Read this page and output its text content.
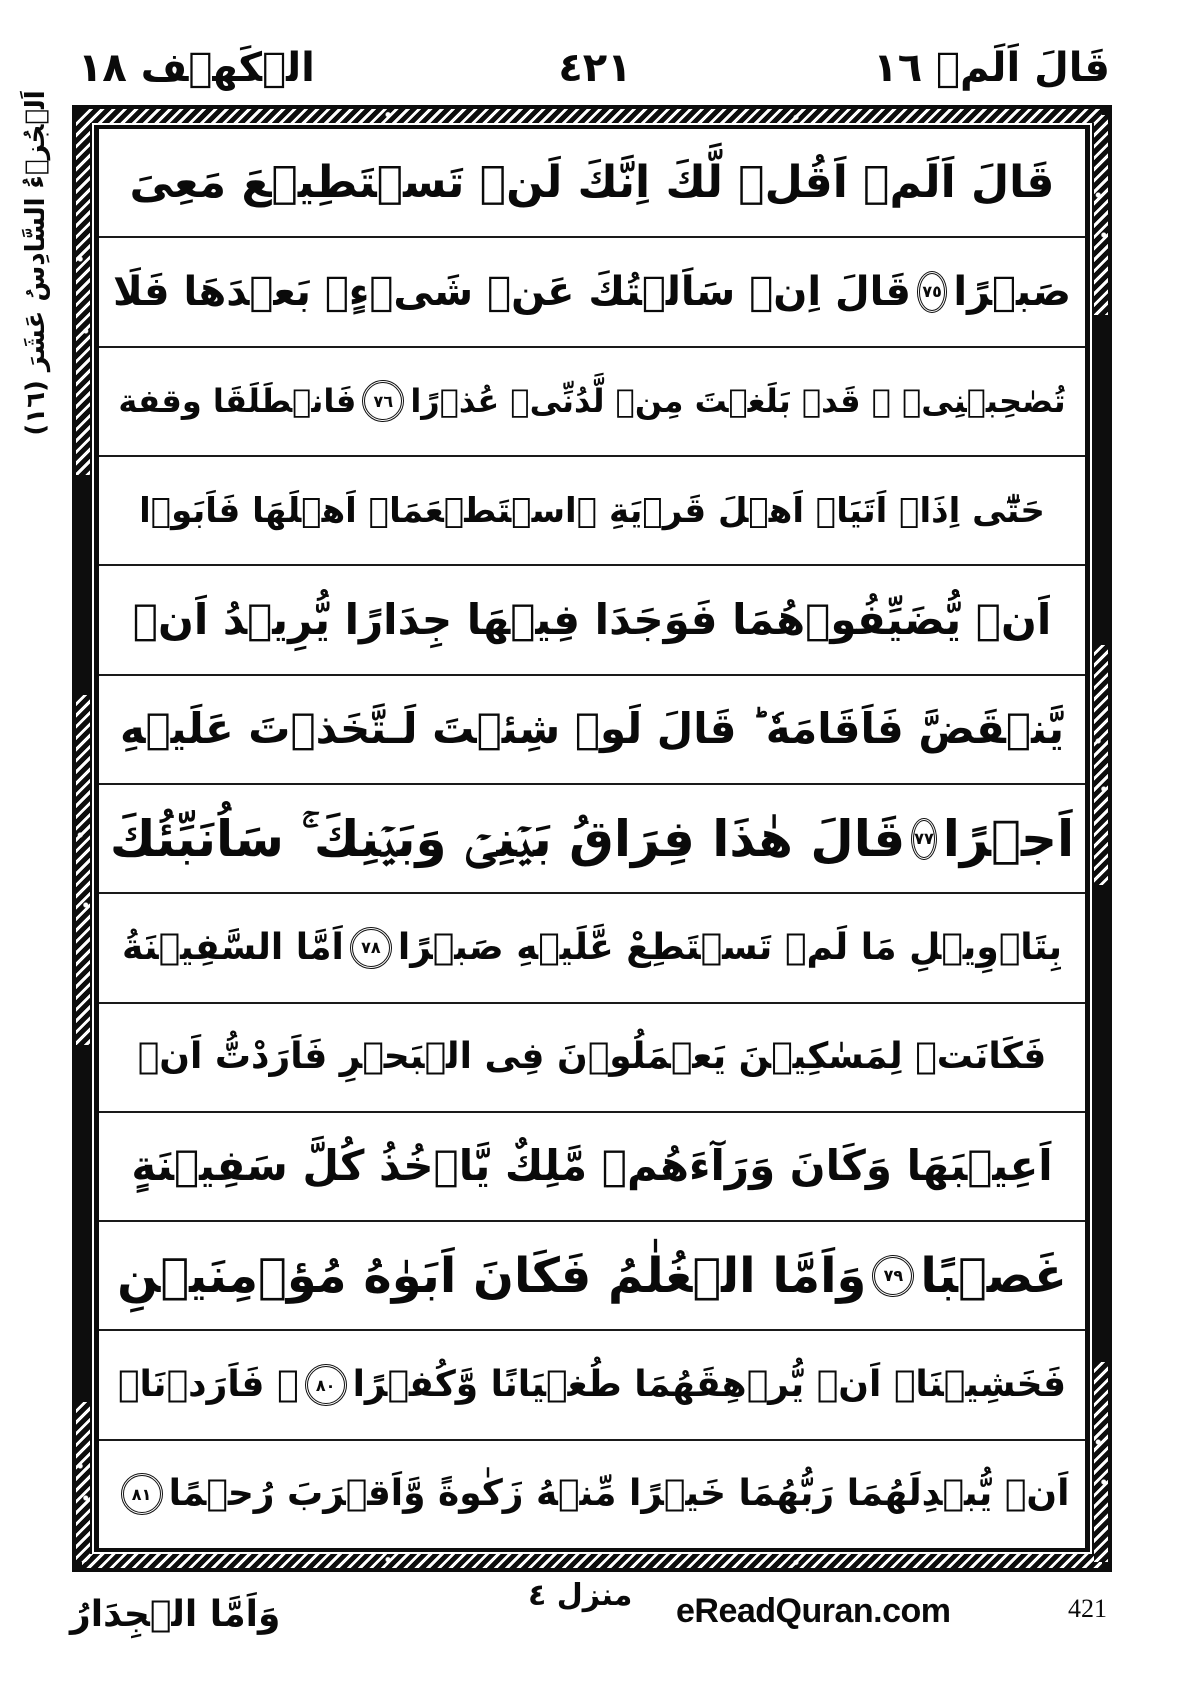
قَالَ اَلَمۡ ١٦
٤٢١
الۡكَهۡف ١٨
اَلۡجُزۡءُ السَّادِسُ عَشَرَ (١٦) قَالَ اَلَمۡ اَقُلۡ لَّكَ اِنَّكَ لَنۡ تَسۡتَطِيۡعَ مَعِىَ
صَبۡرًا
٧٥
قَالَ اِنۡ سَاَلۡتُكَ عَنۡ شَىۡءٍۢ بَعۡدَهَا فَلَا
تُصٰحِبۡنِىۡ‌ ۚ قَدۡ بَلَغۡتَ مِنۡ لَّدُنِّىۡ عُذۡرًا
٧٦
فَانۡطَلَقَا وقفة
حَتّٰٓى اِذَاۤ اَتَيَاۤ اَهۡلَ قَرۡيَةِ ۨاسۡتَطۡعَمَاۤ اَهۡلَهَا فَاَبَوۡا
اَنۡ يُّضَيِّفُوۡهُمَا فَوَجَدَا فِيۡهَا جِدَارًا يُّرِيۡدُ اَنۡ
يَّنۡقَضَّ فَاَقَامَهٗ‌ ؕ قَالَ لَوۡ شِئۡتَ لَـتَّخَذۡتَ عَلَيۡهِ
اَجۡرًا
٧٧
قَالَ هٰذَا فِرَاقُ بَيۡنِىۡ وَبَيۡنِكَ‌ ۚ سَاُنَبِّئُكَ
بِتَاۡوِيۡلِ مَا لَمۡ تَسۡتَطِعْ عَّلَيۡهِ صَبۡرًا
٧٨
اَمَّا السَّفِيۡنَةُ
فَكَانَتۡ لِمَسٰكِيۡنَ يَعۡمَلُوۡنَ فِى الۡبَحۡرِ فَاَرَدْتُّ اَنۡ
اَعِيۡبَهَا وَكَانَ وَرَآءَهُمۡ مَّلِكٌ يَّاۡخُذُ كُلَّ سَفِيۡنَةٍ
غَصۡبًا
٧٩
وَاَمَّا الۡغُلٰمُ فَكَانَ اَبَوٰهُ مُؤۡمِنَيۡنِ
فَخَشِيۡنَاۤ اَنۡ يُّرۡهِقَهُمَا طُغۡيَانًا وَّكُفۡرًا
٨٠
ۚ فَاَرَدۡنَاۤ
اَنۡ يُّبۡدِلَهُمَا رَبُّهُمَا خَيۡرًا مِّنۡهُ زَكٰوةً وَّاَقۡرَبَ رُحۡمًا
٨١
وَاَمَّا الۡجِدَارُ	منزل ٤ eReadQuran.com	421
